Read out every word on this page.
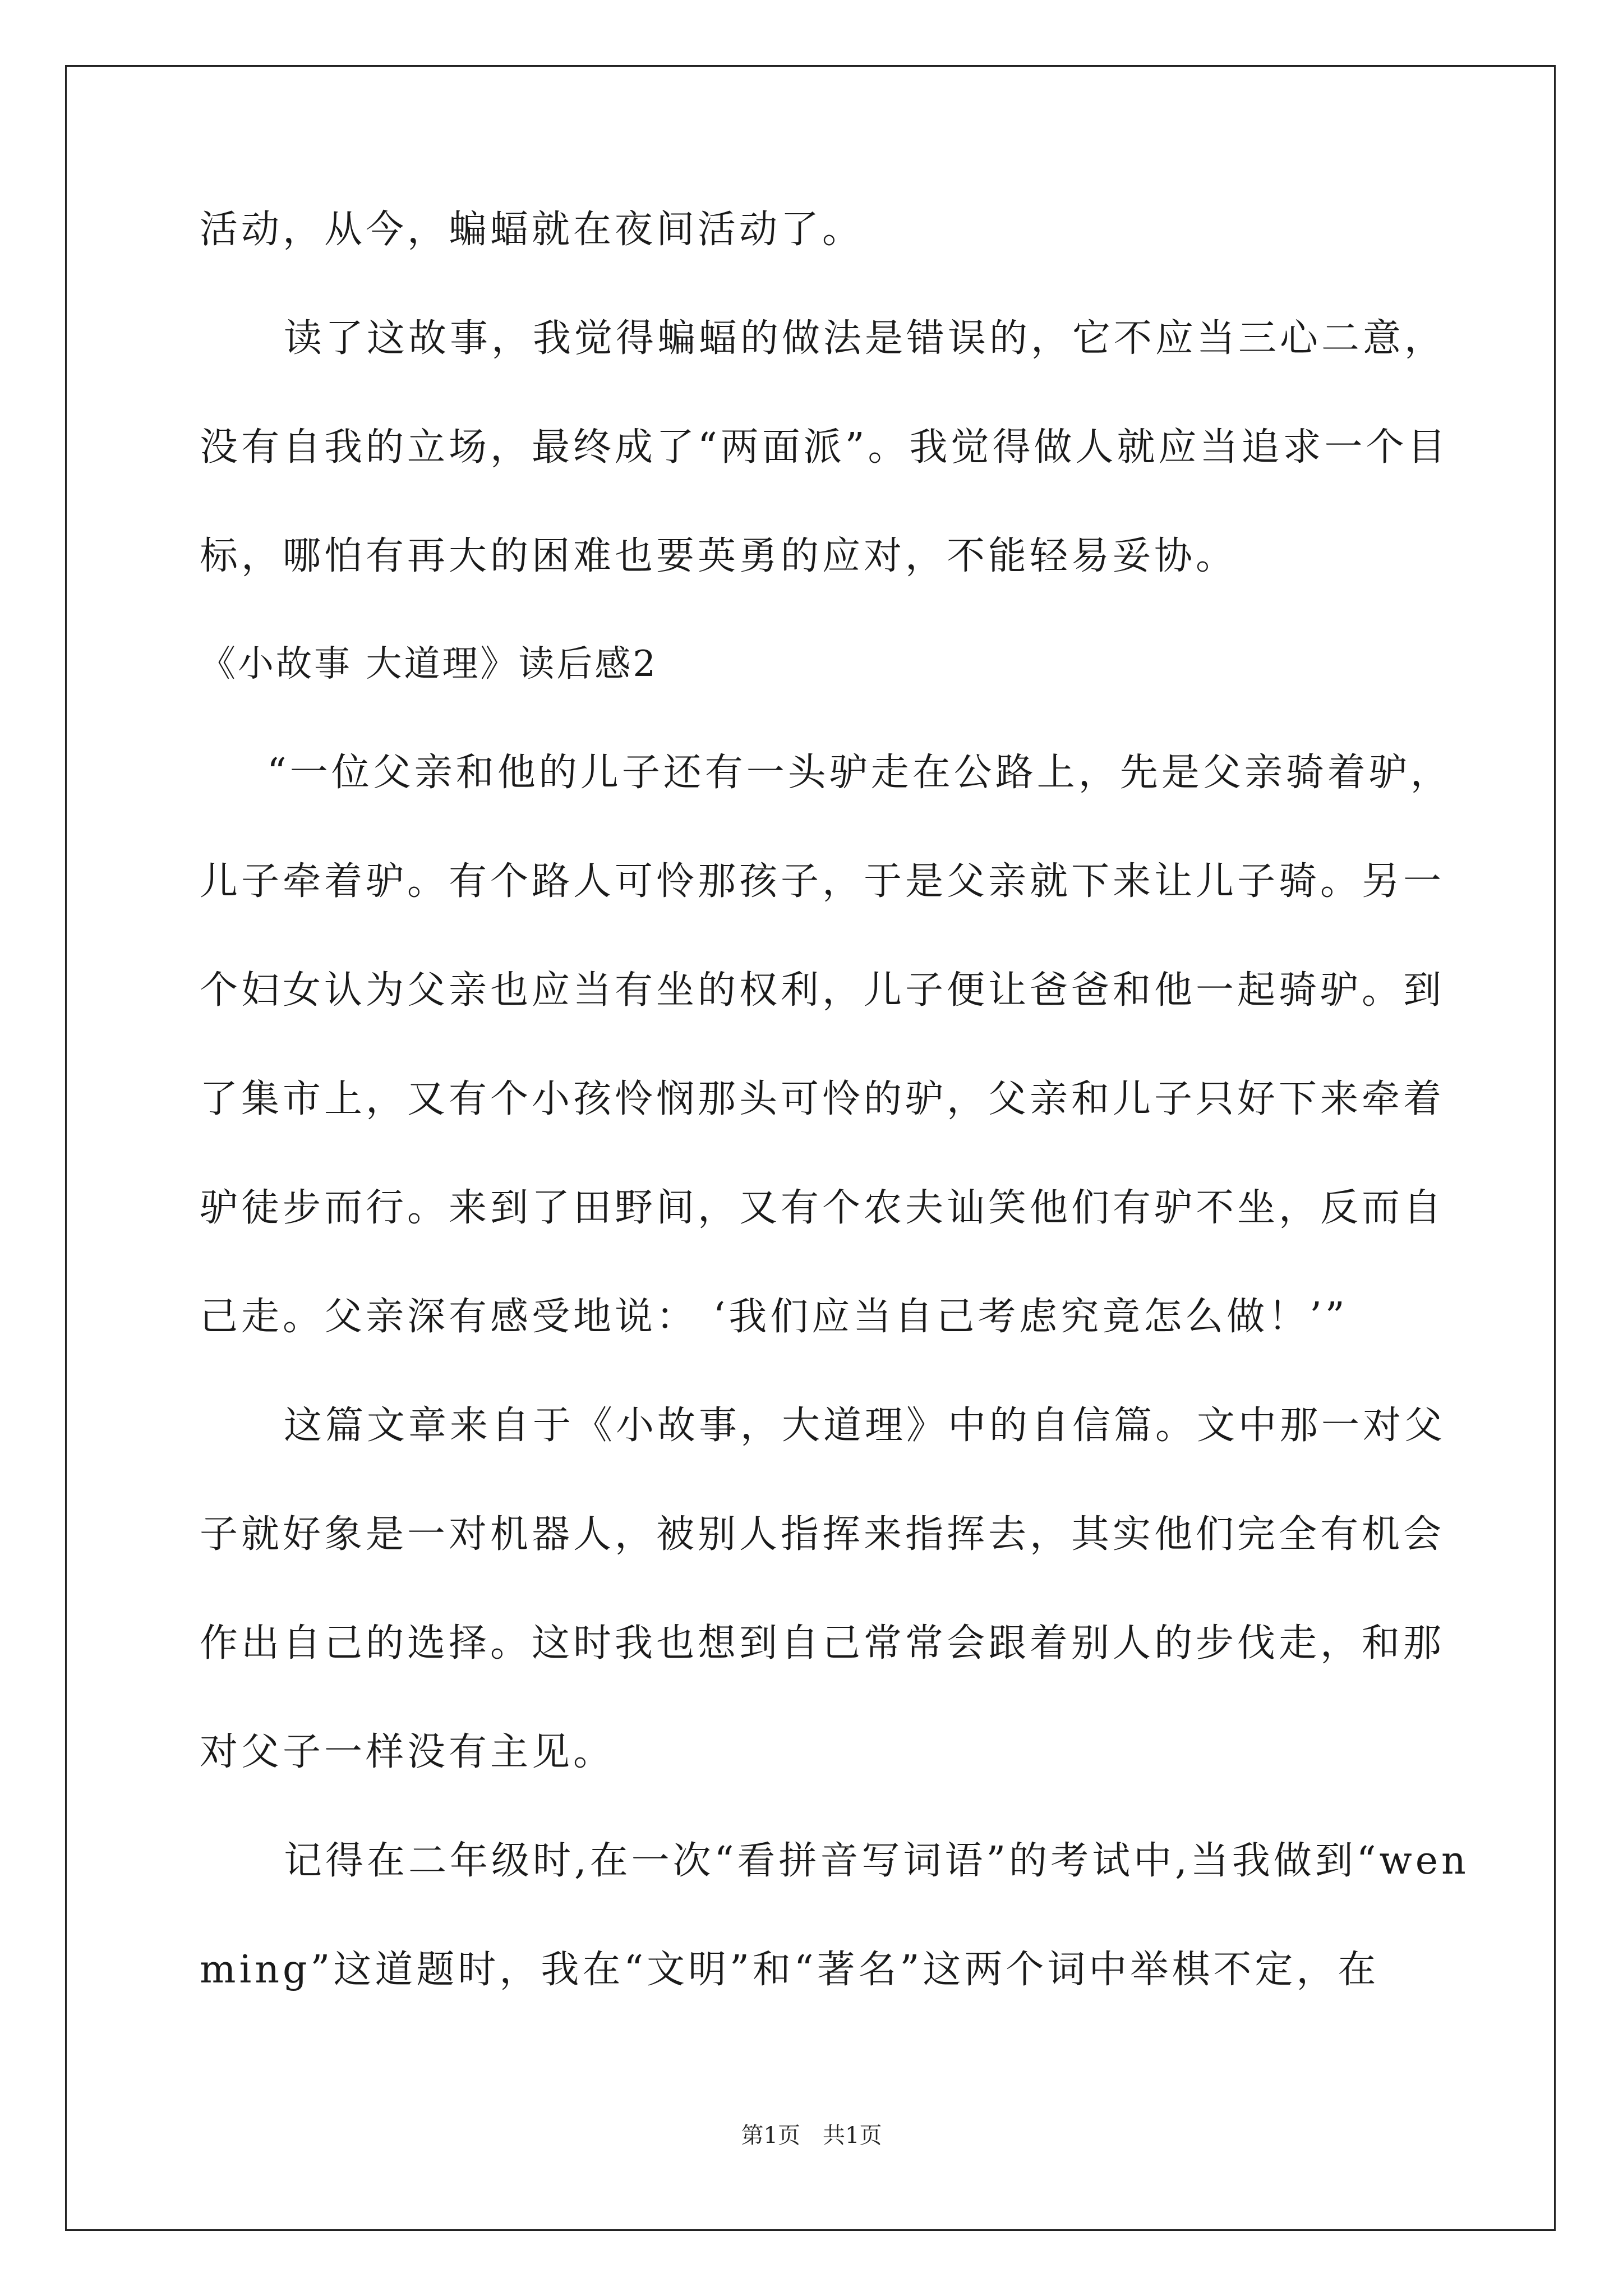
活动，从今，蝙蝠就在夜间活动了。
读了这故事，我觉得蝙蝠的做法是错误的，它不应当三心二意，
没有自我的立场，最终成了“两面派”。我觉得做人就应当追求一个目
标，哪怕有再大的困难也要英勇的应对，不能轻易妥协。
《小故事 大道理》读后感2
“一位父亲和他的儿子还有一头驴走在公路上，先是父亲骑着驴，
儿子牵着驴。有个路人可怜那孩子，于是父亲就下来让儿子骑。另一
个妇女认为父亲也应当有坐的权利，儿子便让爸爸和他一起骑驴。到
了集市上，又有个小孩怜悯那头可怜的驴，父亲和儿子只好下来牵着
驴徒步而行。来到了田野间，又有个农夫讪笑他们有驴不坐，反而自
己走。父亲深有感受地说： ‘我们应当自己考虑究竟怎么做！’”
这篇文章来自于《小故事，大道理》中的自信篇。文中那一对父
子就好象是一对机器人，被别人指挥来指挥去，其实他们完全有机会
作出自己的选择。这时我也想到自己常常会跟着别人的步伐走，和那
对父子一样没有主见。
记得在二年级时,在一次“看拼音写词语”的考试中,当我做到“wen
ming”这道题时，我在“文明”和“著名”这两个词中举棋不定，在
第1页　共1页
